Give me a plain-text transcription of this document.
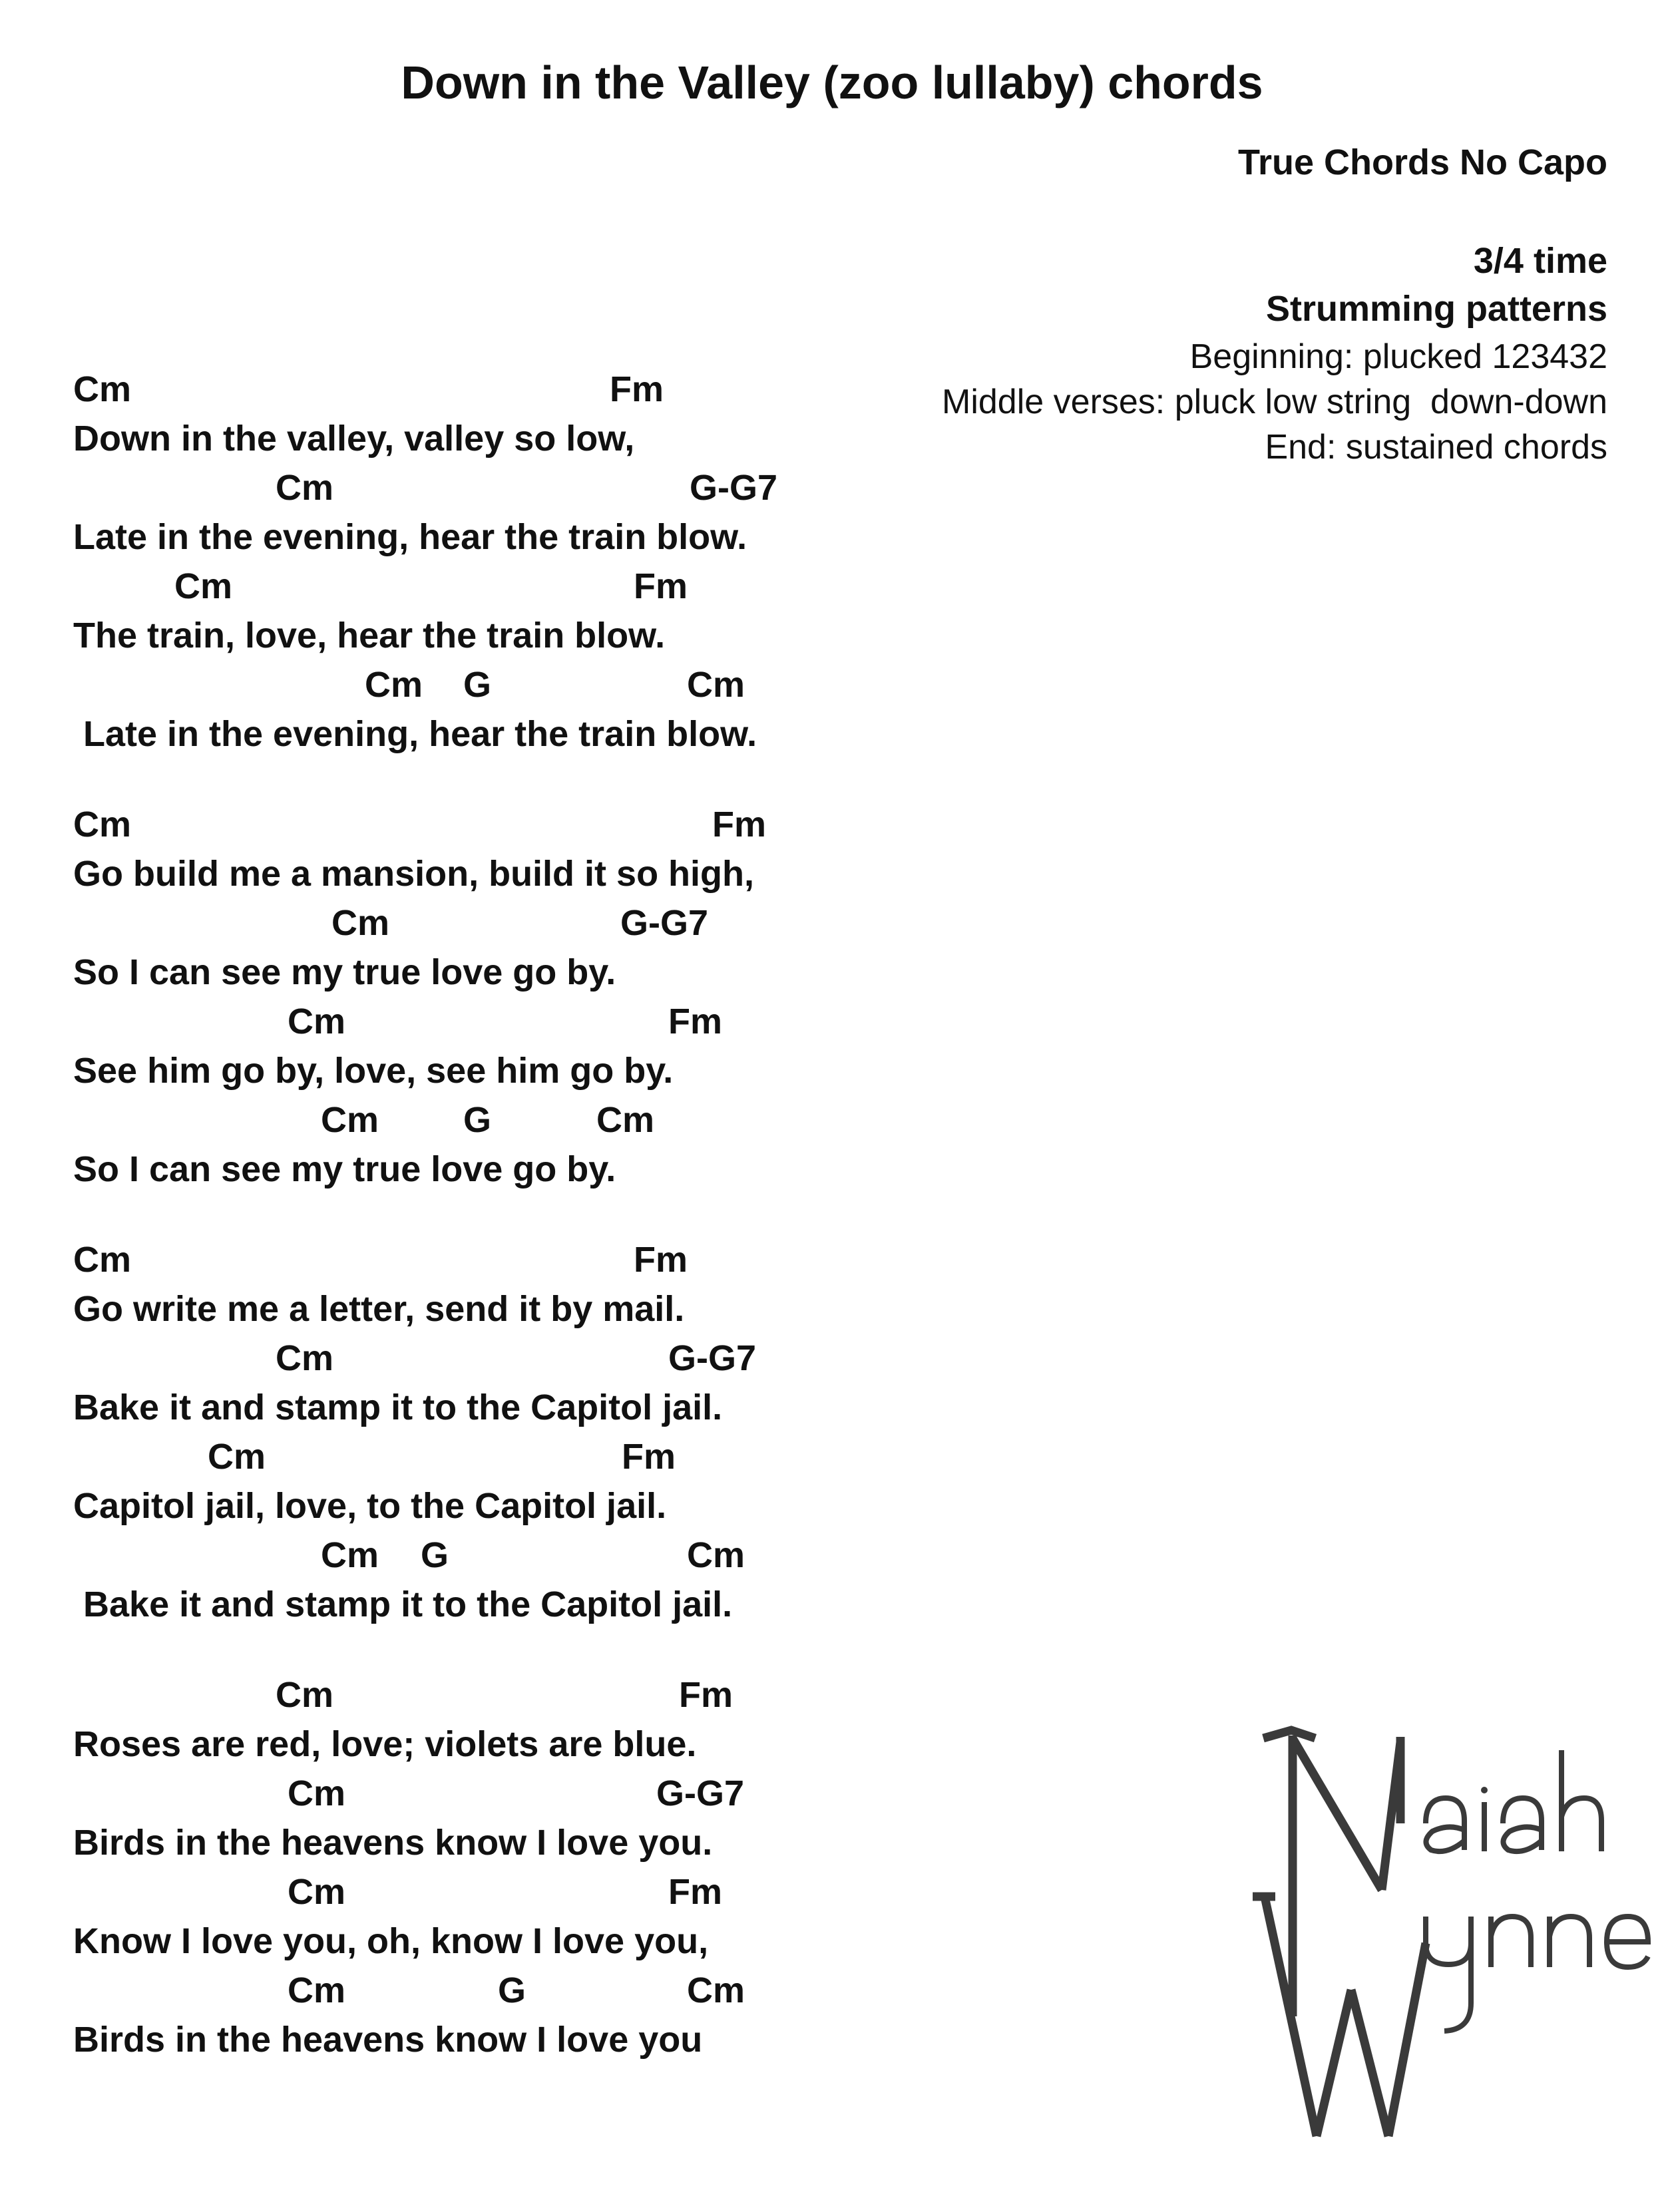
Down in the Valley (zoo lullaby) chords
True Chords No Capo
3/4 time
Strumming patterns
Beginning: plucked 123432
Middle verses: pluck low string  down-down
End: sustained chords

Cm

	Fm

Down in the valley, valley so low,

Cm

	G-G7

Late in the evening, hear the train blow.

Cm

	Fm

The train, love, hear the train blow.

Cm

G

	Cm

Late in the evening, hear the train blow.

Cm

	Fm

Go build me a mansion, build it so high,

Cm

	G-G7

So I can see my true love go by.

Cm

	Fm

See him go by, love, see him go by.

Cm

G

	Cm

So I can see my true love go by.

Cm

	Fm

Go write me a letter, send it by mail.

Cm

	G-G7

Bake it and stamp it to the Capitol jail.

Cm

	Fm

Capitol jail, love, to the Capitol jail.

Cm

G

	Cm

Bake it and stamp it to the Capitol jail.

Cm

	Fm

Roses are red, love; violets are blue.

Cm

	G-G7

Birds in the heavens know I love you.

Cm

	Fm

Know I love you, oh, know I love you,

Cm

	G

	Cm

Birds in the heavens know I love you
